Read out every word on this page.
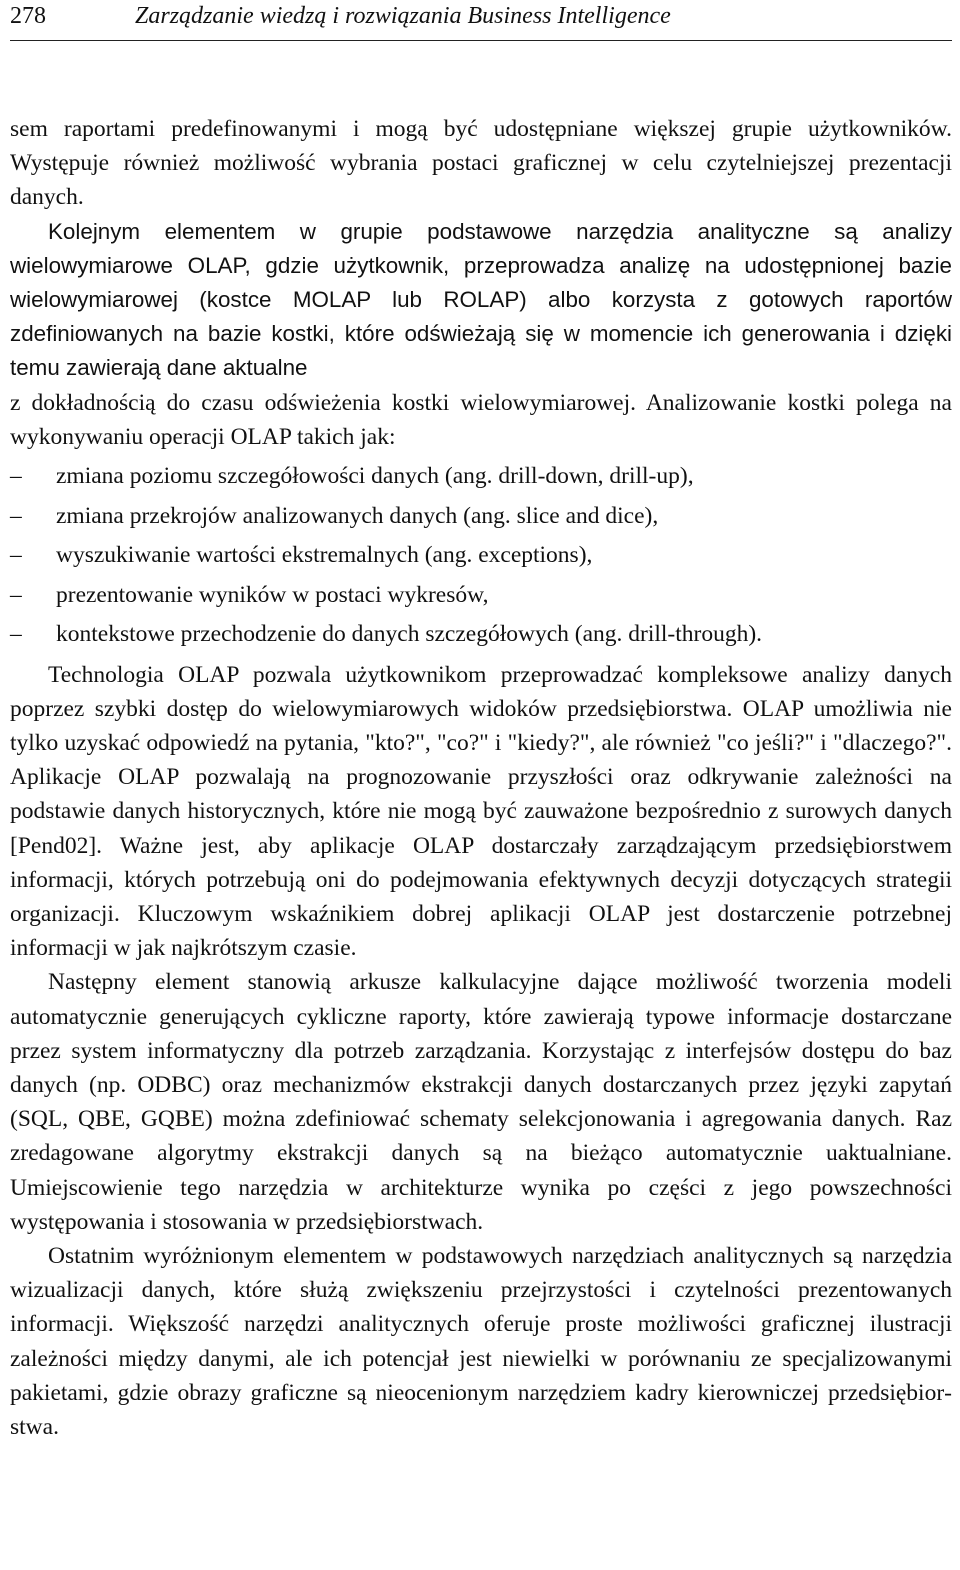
278	Zarządzanie wiedzą i rozwiązania Business Intelligence

sem raportami predefinowanymi i mogą być udostępniane większej grupie użytkowników. Występuje również możliwość wybrania postaci graficznej w celu czytelniejszej prezentacji danych.

Kolejnym elementem w grupie podstawowe narzędzia analityczne są analizy wielowymiarowe OLAP, gdzie użytkownik, przeprowadza analizę na udostępnionej bazie wielowymiarowej (kostce MOLAP lub ROLAP) albo korzysta z gotowych raportów zdefiniowanych na bazie kostki, które odświeżają się w momencie ich generowania i dzięki temu zawierają dane aktualne

z dokładnością do czasu odświeżenia kostki wielowymiarowej. Analizowanie kostki polega na wykonywaniu operacji OLAP takich jak:

– zmiana poziomu szczegółowości danych (ang. drill-down, drill-up),
– zmiana przekrojów analizowanych danych (ang. slice and dice),
– wyszukiwanie wartości ekstremalnych (ang. exceptions),
– prezentowanie wyników w postaci wykresów,
– kontekstowe przechodzenie do danych szczegółowych (ang. drill-through).

Technologia OLAP pozwala użytkownikom przeprowadzać kompleksowe analizy danych poprzez szybki dostęp do wielowymiarowych widoków przedsiębiorstwa. OLAP umożliwia nie tylko uzyskać odpowiedź na pytania, "kto?", "co?" i "kiedy?", ale również "co jeśli?" i "dlaczego?". Aplikacje OLAP pozwalają na prognozowanie przyszłości oraz odkrywanie zależności na podstawie danych historycznych, które nie mogą być zauważone bezpośrednio z surowych danych [Pend02]. Ważne jest, aby aplikacje OLAP dostarczały zarządzającym przedsiębiorstwem informacji, których potrzebują oni do podejmowania efektywnych decyzji dotyczących strategii organizacji. Kluczowym wskaźnikiem dobrej aplikacji OLAP jest dostarczenie potrzebnej informacji w jak najkrótszym czasie.

Następny element stanowią arkusze kalkulacyjne dające możliwość tworzenia modeli automatycznie generujących cykliczne raporty, które zawierają typowe informacje dostarczane przez system informatyczny dla potrzeb zarządzania. Korzystając z interfejsów dostępu do baz danych (np. ODBC) oraz mechanizmów ekstrakcji danych dostarczanych przez języki zapytań (SQL, QBE, GQBE) można zdefiniować schematy selekcjonowania i agregowania danych. Raz zredagowane algorytmy ekstrakcji danych są na bieżąco automatycznie uaktualniane. Umiejscowienie tego narzędzia w architekturze wynika po części z jego powszechności występowania i stosowania w przedsiębiorstwach.

Ostatnim wyróżnionym elementem w podstawowych narzędziach analitycznych są narzędzia wizualizacji danych, które służą zwiększeniu przejrzystości i czytelności prezentowanych informacji. Większość narzędzi analitycznych oferuje proste możliwości graficznej ilustracji zależności między danymi, ale ich potencjał jest niewielki w porównaniu ze specjalizowanymi pakietami, gdzie obrazy graficzne są nieocenionym narzędziem kadry kierowniczej przedsiębiorstwa.
